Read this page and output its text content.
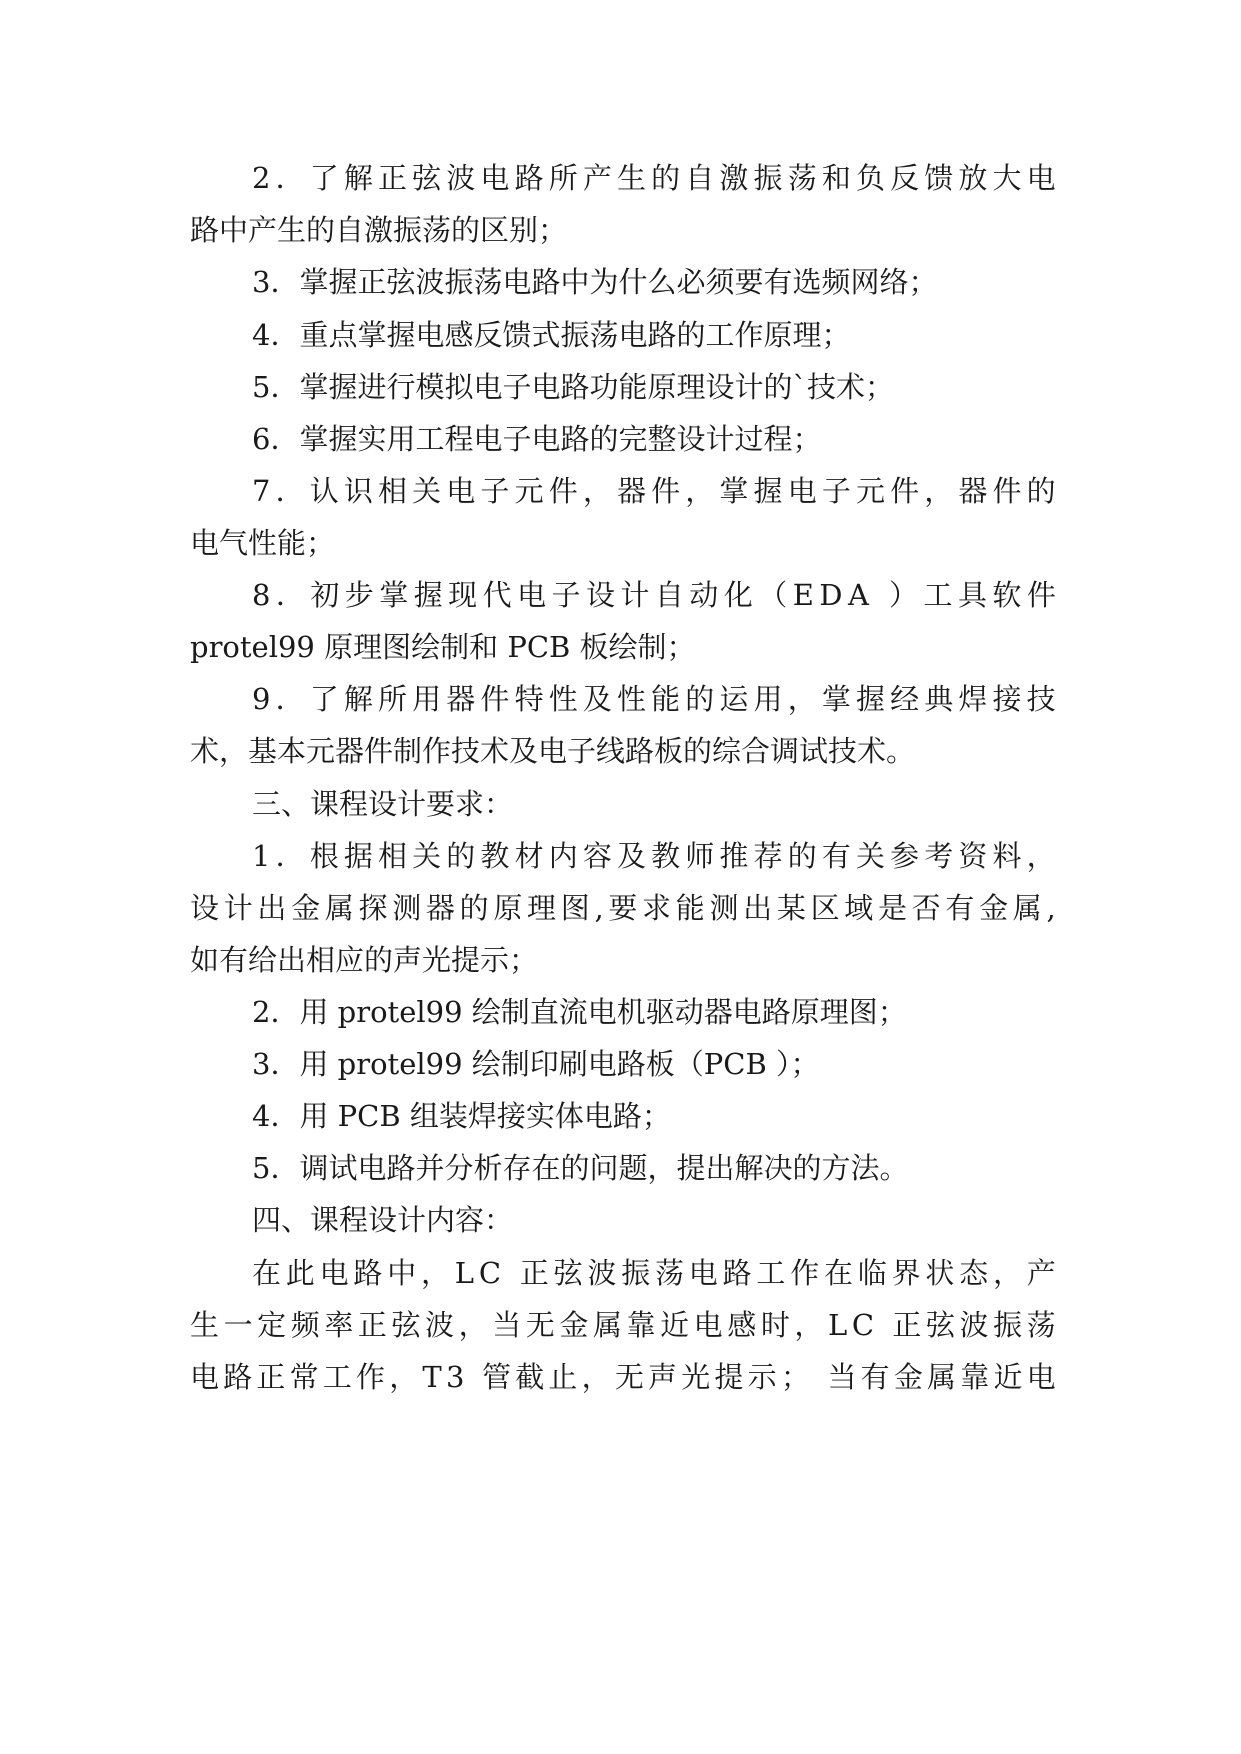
2 ． 了 解 正 弦 波 电 路 所 产 生 的 自 激 振 荡 和 负 反 馈 放 大 电
路中产生的自激振荡的区别；
3．掌握正弦波振荡电路中为什么必须要有选频网络；
4．重点掌握电感反馈式振荡电路的工作原理；
5．掌握进行模拟电子电路功能原理设计的`技术；
6．掌握实用工程电子电路的完整设计过程；
7 ． 认 识 相 关 电 子 元 件 ， 器 件 ， 掌 握 电 子 元 件 ， 器 件 的
电气性能；
8 ． 初 步 掌 握 现 代 电 子 设 计 自 动 化 （ E D A
） 工 具 软 件
protel99 原理图绘制和 PCB 板绘制；
9 ． 了 解 所 用 器 件 特 性 及 性 能 的 运 用 ， 掌 握 经 典 焊 接 技
术，基本元器件制作技术及电子线路板的综合调试技术。
三、课程设计要求：
1 ． 根 据 相 关 的 教 材 内 容 及 教 师 推 荐 的 有 关 参 考 资 料 ，
设 计 出 金 属 探 测 器 的 原 理 图 , 要 求 能 测 出 某 区 域 是 否 有 金 属 ,
如有给出相应的声光提示；
2．用 protel99 绘制直流电机驱动器电路原理图；
3．用 protel99 绘制印刷电路板（PCB ）；
4．用 PCB 组装焊接实体电路；
5．调试电路并分析存在的问题，提出解决的方法。
四、课程设计内容：
在 此 电 路 中 ， L C
正 弦 波 振 荡 电 路 工 作 在 临 界 状 态 ， 产
生 一 定 频 率 正 弦 波 ， 当 无 金 属 靠 近 电 感 时 ， L C
正 弦 波 振 荡
电 路 正 常 工 作 ， T 3
管 截 止 ， 无 声 光 提 示 ；
当 有 金 属 靠 近 电
